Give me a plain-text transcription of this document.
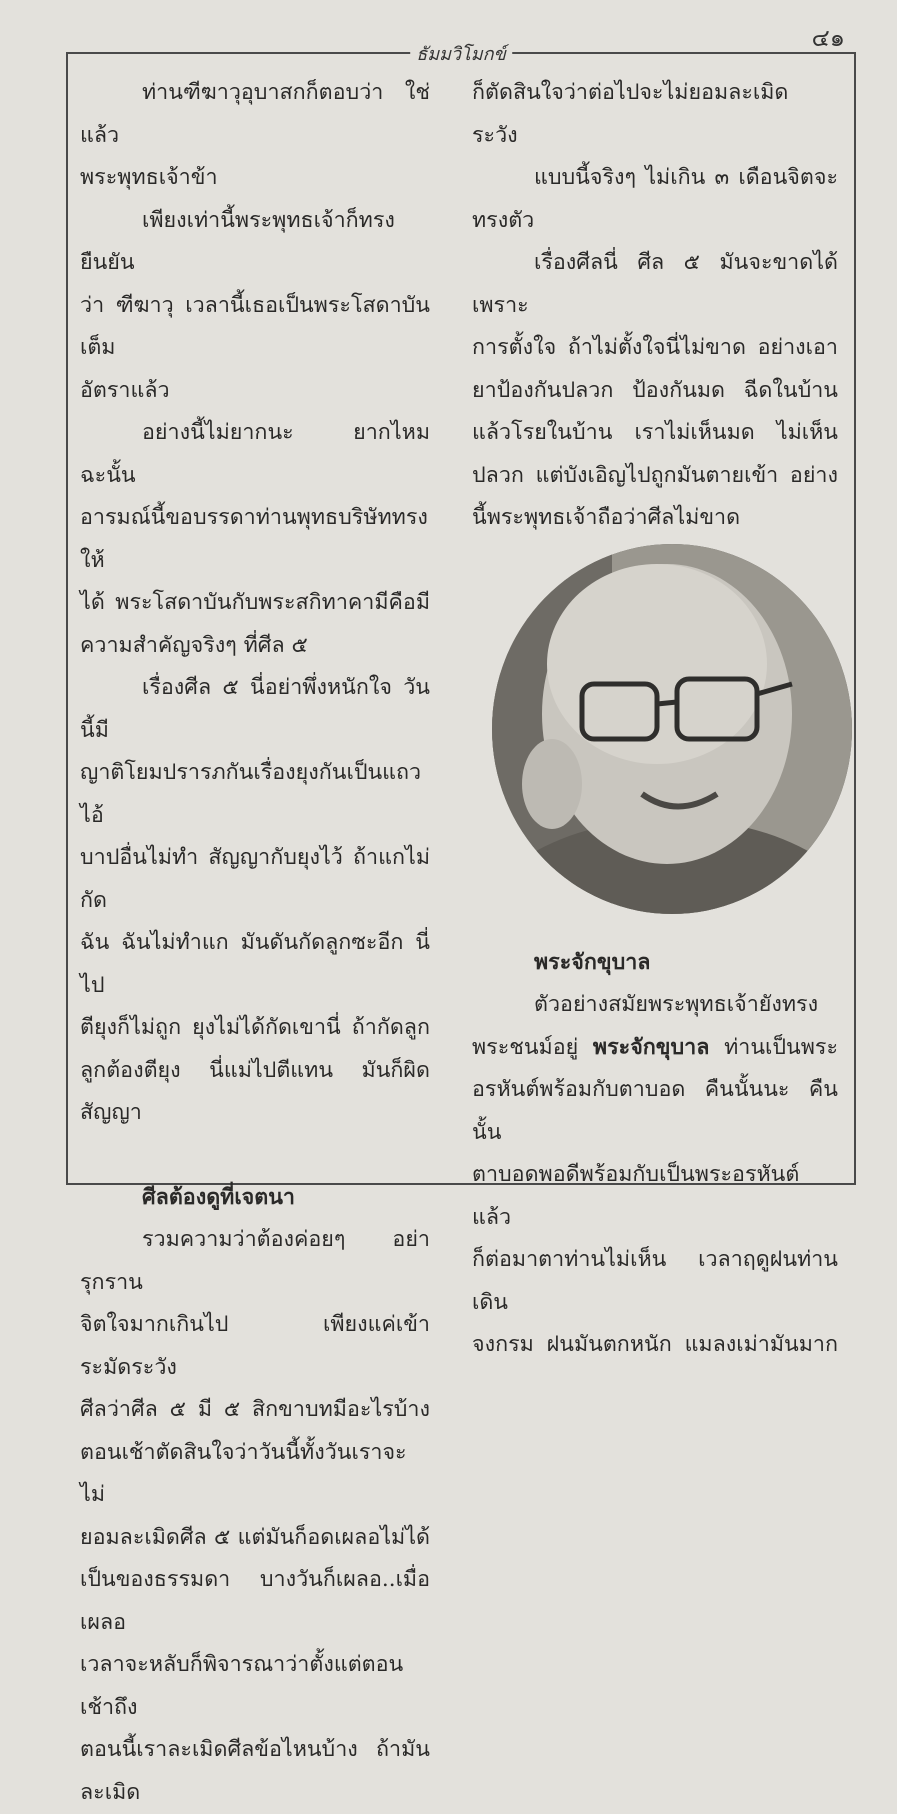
๔๑
ธัมมวิโมกข์

ท่านฑีฆาวุอุบาสกก็ตอบว่า ใช่แล้ว

พระพุทธเจ้าข้า

เพียงเท่านี้พระพุทธเจ้าก็ทรงยืนยัน

ว่า ฑีฆาวุ เวลานี้เธอเป็นพระโสดาบันเต็ม

อัตราแล้ว

อย่างนี้ไม่ยากนะ ยากไหม ฉะนั้น

อารมณ์นี้ขอบรรดาท่านพุทธบริษัททรงให้

ได้ พระโสดาบันกับพระสกิทาคามีคือมี

ความสำคัญจริงๆ ที่ศีล ๕

เรื่องศีล ๕ นี่อย่าพึ่งหนักใจ วันนี้มี

ญาติโยมปรารภกันเรื่องยุงกันเป็นแถว ไอ้

บาปอื่นไม่ทำ สัญญากับยุงไว้ ถ้าแกไม่กัด

ฉัน ฉันไม่ทำแก มันดันกัดลูกซะอีก นี่ไป

ตียุงก็ไม่ถูก ยุงไม่ได้กัดเขานี่ ถ้ากัดลูก

ลูกต้องตียุง นี่แม่ไปตีแทน มันก็ผิดสัญญา

ศีลต้องดูที่เจตนา

รวมความว่าต้องค่อยๆ อย่ารุกราน

จิตใจมากเกินไป เพียงแค่เข้าระมัดระวัง

ศีลว่าศีล ๕ มี ๕ สิกขาบทมีอะไรบ้าง

ตอนเช้าตัดสินใจว่าวันนี้ทั้งวันเราจะไม่

ยอมละเมิดศีล ๕ แต่มันก็อดเผลอไม่ได้

เป็นของธรรมดา บางวันก็เผลอ..เมื่อเผลอ

เวลาจะหลับก็พิจารณาว่าตั้งแต่ตอนเช้าถึง

ตอนนี้เราละเมิดศีลข้อไหนบ้าง ถ้ามันละเมิด

ก็ตัดสินใจว่าต่อไปจะไม่ยอมละเมิด ระวัง

แบบนี้จริงๆ ไม่เกิน ๓ เดือนจิตจะทรงตัว

เรื่องศีลนี่ ศีล ๕ มันจะขาดได้เพราะ

การตั้งใจ ถ้าไม่ตั้งใจนี่ไม่ขาด อย่างเอา

ยาป้องกันปลวก ป้องกันมด ฉีดในบ้าน

แล้วโรยในบ้าน เราไม่เห็นมด ไม่เห็น

ปลวก แต่บังเอิญไปถูกมันตายเข้า อย่าง

นี้พระพุทธเจ้าถือว่าศีลไม่ขาด

พระจักขุบาล

ตัวอย่างสมัยพระพุทธเจ้ายังทรง

พระชนม์อยู่ พระจักขุบาล ท่านเป็นพระ

อรหันต์พร้อมกับตาบอด คืนนั้นนะ คืนนั้น

ตาบอดพอดีพร้อมกับเป็นพระอรหันต์ แล้ว

ก็ต่อมาตาท่านไม่เห็น เวลาฤดูฝนท่านเดิน

จงกรม ฝนมันตกหนัก แมลงเม่ามันมาก
